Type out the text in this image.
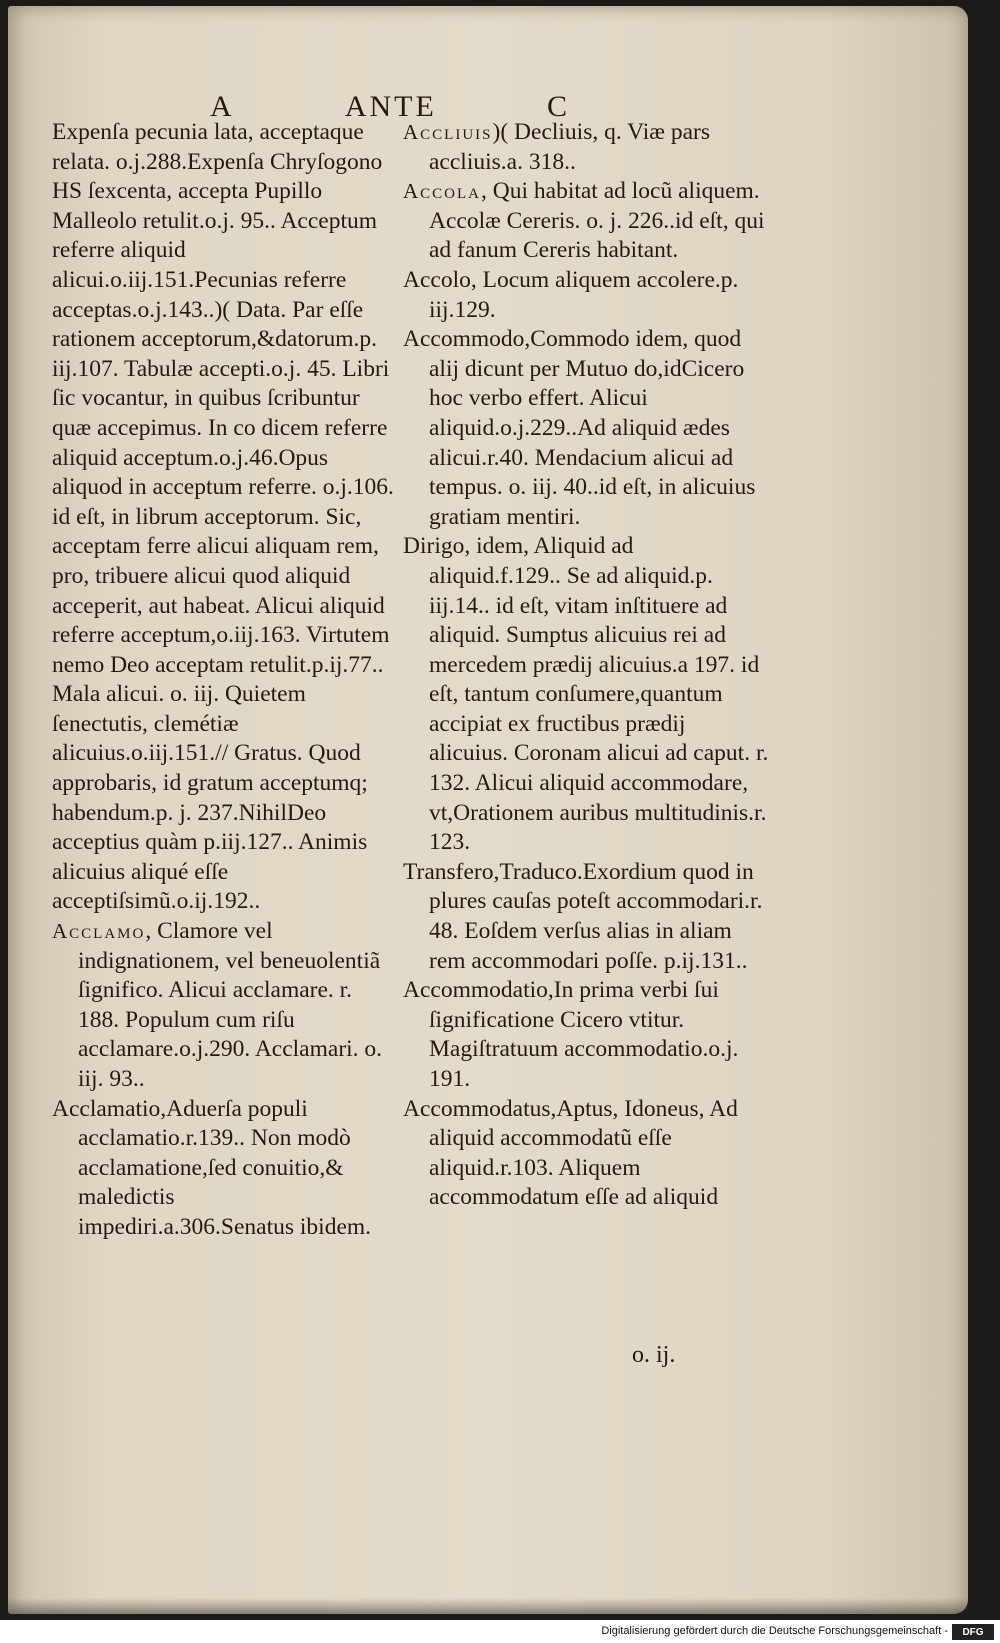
A	ANTE	C

Expenſa pecunia lata, acceptaque relata. o.j.288.Expenſa Chryſogono HS ſexcenta, accepta Pupillo Malleolo retulit.o.j. 95.. Acceptum referre aliquid alicui.o.iij.151.Pecunias referre acceptas.o.j.143..)( Data. Par eſſe rationem acceptorum,&datorum.p. iij.107. Tabulæ accepti.o.j. 45. Libri ſic vocantur, in quibus ſcribuntur quæ accepimus. In co dicem referre aliquid acceptum.o.j.46.Opus aliquod in acceptum referre. o.j.106. id eſt, in librum acceptorum. Sic, acceptam ferre alicui aliquam rem, pro, tribuere alicui quod aliquid acceperit, aut habeat. Alicui aliquid referre acceptum,o.iij.163. Virtutem nemo Deo acceptam retulit.p.ij.77.. Mala alicui. o. iij. Quietem ſenectutis, clemétiæ alicuius.o.iij.151.// Gratus. Quod approbaris, id gratum acceptumq; habendum.p. j. 237.NihilDeo acceptius quàm p.iij.127.. Animis alicuius aliqué eſſe acceptiſsimũ.o.ij.192..

Acclamo, Clamore vel indignationem, vel beneuolentiã ſignifico. Alicui acclamare. r. 188. Populum cum riſu acclamare.o.j.290. Acclamari. o. iij. 93..

Acclamatio,Aduerſa populi acclamatio.r.139.. Non modò acclamatione,ſed conuitio,& maledictis impediri.a.306.Senatus ibidem.

Accliuis)( Decliuis, q. Viæ pars accliuis.a. 318..

Accola, Qui habitat ad locũ aliquem. Accolæ Cereris. o. j. 226..id eſt, qui ad fanum Cereris habitant.

Accolo, Locum aliquem accolere.p. iij.129.

Accommodo,Commodo idem, quod alij dicunt per Mutuo do,idCicero hoc verbo effert. Alicui aliquid.o.j.229..Ad aliquid ædes alicui.r.40. Mendacium alicui ad tempus. o. iij. 40..id eſt, in alicuius gratiam mentiri.

Dirigo, idem, Aliquid ad aliquid.f.129.. Se ad aliquid.p. iij.14.. id eſt, vitam inſtituere ad aliquid. Sumptus alicuius rei ad mercedem prædij alicuius.a 197. id eſt, tantum conſumere,quantum accipiat ex fructibus prædij alicuius. Coronam alicui ad caput. r. 132. Alicui aliquid accommodare, vt,Orationem auribus multitudinis.r. 123.

Transfero,Traduco.Exordium quod in plures cauſas poteſt accommodari.r. 48. Eoſdem verſus alias in aliam rem accommodari poſſe. p.ij.131..

Accommodatio,In prima verbi ſui ſignificatione Cicero vtitur. Magiſtratuum accommodatio.o.j. 191.

Accommodatus,Aptus, Idoneus, Ad aliquid accommodatũ eſſe aliquid.r.103. Aliquem accommodatum eſſe ad aliquid

o. ij.
Digitalisierung gefördert durch die Deutsche Forschungsgemeinschaft -	DFG
